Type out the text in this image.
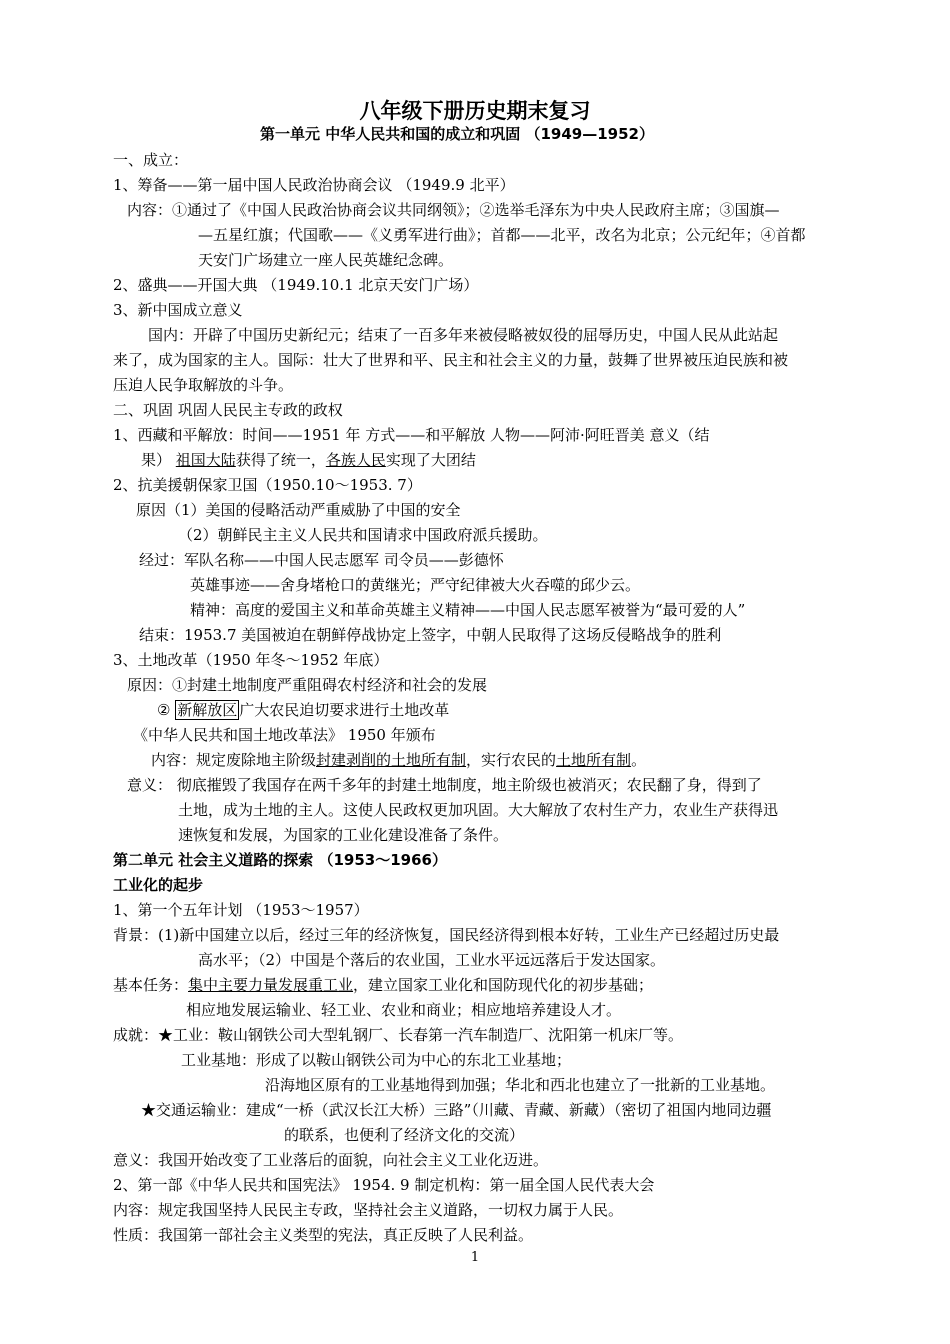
八年级下册历史期末复习
第一单元 中华人民共和国的成立和巩固 （1949—1952）
一、成立：
1、筹备——第一届中国人民政治协商会议 （1949.9 北平）
内容：①通过了《中国人民政治协商会议共同纲领》；②选举毛泽东为中央人民政府主席；③国旗—
—五星红旗；代国歌——《义勇军进行曲》；首都——北平，改名为北京；公元纪年；④首都
天安门广场建立一座人民英雄纪念碑。
2、盛典——开国大典 （1949.10.1 北京天安门广场）
3、新中国成立意义
国内：开辟了中国历史新纪元；结束了一百多年来被侵略被奴役的屈辱历史，中国人民从此站起
来了，成为国家的主人。国际：壮大了世界和平、民主和社会主义的力量，鼓舞了世界被压迫民族和被
压迫人民争取解放的斗争。
二、巩固 巩固人民民主专政的政权
1、西藏和平解放：时间——1951 年 方式——和平解放 人物——阿沛·阿旺晋美 意义（结
果） 祖国大陆获得了统一，各族人民实现了大团结
2、抗美援朝保家卫国（1950.10～1953. 7）
原因（1）美国的侵略活动严重威胁了中国的安全
（2）朝鲜民主主义人民共和国请求中国政府派兵援助。
经过：军队名称——中国人民志愿军 司令员——彭德怀
英雄事迹——舍身堵枪口的黄继光；严守纪律被大火吞噬的邱少云。
精神：高度的爱国主义和革命英雄主义精神——中国人民志愿军被誉为“最可爱的人”
结束：1953.7 美国被迫在朝鲜停战协定上签字，中朝人民取得了这场反侵略战争的胜利
3、土地改革（1950 年冬～1952 年底）
原因：①封建土地制度严重阻碍农村经济和社会的发展
② 新解放区 广大农民迫切要求进行土地改革
《中华人民共和国土地改革法》 1950 年颁布
内容：规定废除地主阶级封建剥削的土地所有制，实行农民的土地所有制。
意义： 彻底摧毁了我国存在两千多年的封建土地制度，地主阶级也被消灭；农民翻了身，得到了
土地，成为土地的主人。这使人民政权更加巩固。大大解放了农村生产力，农业生产获得迅
速恢复和发展，为国家的工业化建设准备了条件。
第二单元 社会主义道路的探索 （1953～1966）
工业化的起步
1、第一个五年计划 （1953～1957）
背景：(1)新中国建立以后，经过三年的经济恢复，国民经济得到根本好转，工业生产已经超过历史最
高水平；（2）中国是个落后的农业国，工业水平远远落后于发达国家。
基本任务：集中主要力量发展重工业，建立国家工业化和国防现代化的初步基础；
相应地发展运输业、轻工业、农业和商业；相应地培养建设人才。
成就：★工业：鞍山钢铁公司大型轧钢厂、长春第一汽车制造厂、沈阳第一机床厂等。
工业基地：形成了以鞍山钢铁公司为中心的东北工业基地；
沿海地区原有的工业基地得到加强；华北和西北也建立了一批新的工业基地。
★交通运输业：建成“一桥（武汉长江大桥）三路”（川藏、青藏、新藏）（密切了祖国内地同边疆
的联系，也便利了经济文化的交流）
意义：我国开始改变了工业落后的面貌，向社会主义工业化迈进。
2、第一部《中华人民共和国宪法》 1954. 9 制定机构：第一届全国人民代表大会
内容：规定我国坚持人民民主专政，坚持社会主义道路，一切权力属于人民。
性质：我国第一部社会主义类型的宪法，真正反映了人民利益。
1
